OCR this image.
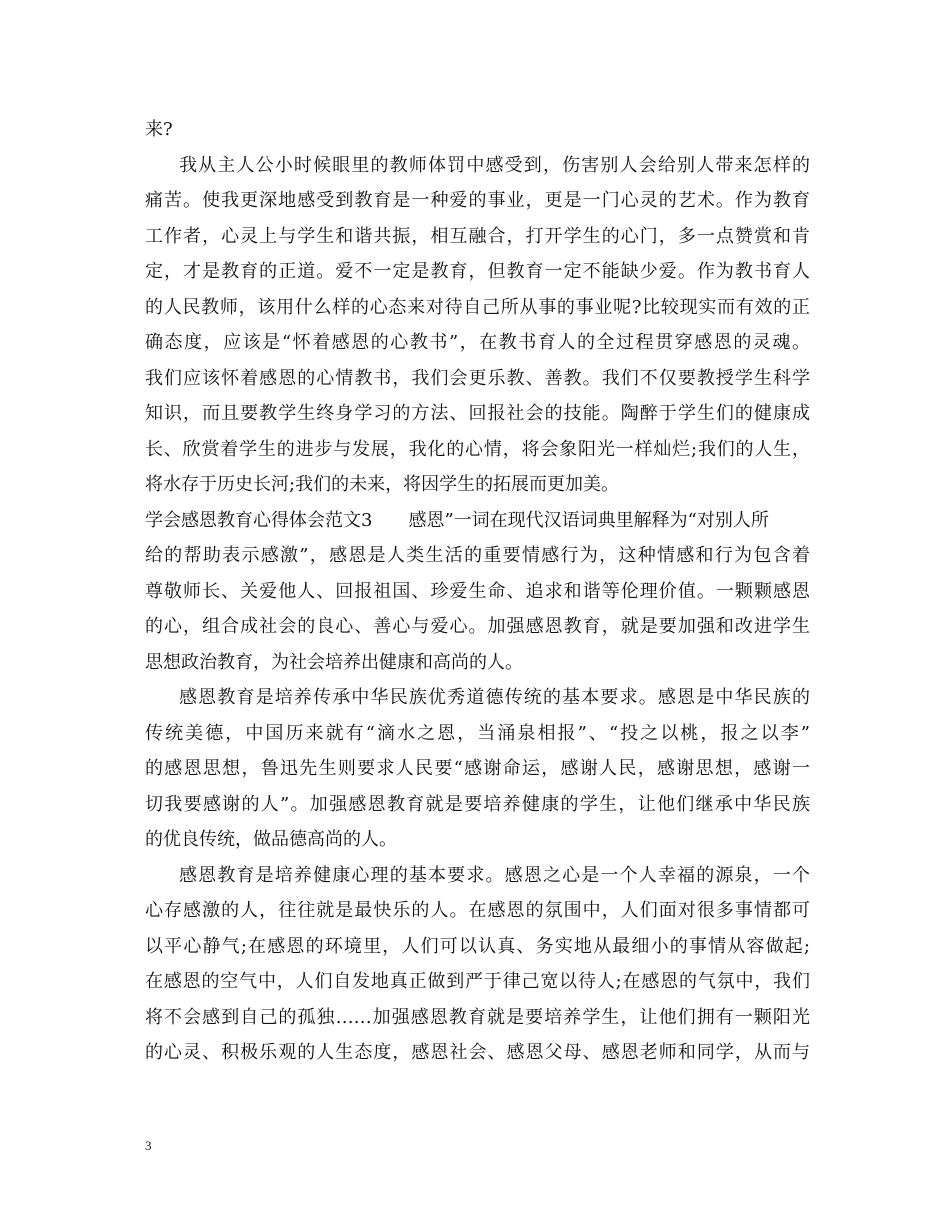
来?
我从主人公小时候眼里的教师体罚中感受到，伤害别人会给别人带来怎样的
痛苦。使我更深地感受到教育是一种爱的事业，更是一门心灵的艺术。作为教育
工作者，心灵上与学生和谐共振，相互融合，打开学生的心门，多一点赞赏和肯
定，才是教育的正道。爱不一定是教育，但教育一定不能缺少爱。作为教书育人
的人民教师，该用什么样的心态来对待自己所从事的事业呢?比较现实而有效的正
确态度，应该是“怀着感恩的心教书”，在教书育人的全过程贯穿感恩的灵魂。
我们应该怀着感恩的心情教书，我们会更乐教、善教。我们不仅要教授学生科学
知识，而且要教学生终身学习的方法、回报社会的技能。陶醉于学生们的健康成
长、欣赏着学生的进步与发展，我化的心情，将会象阳光一样灿烂;我们的人生，
将水存于历史长河;我们的未来，将因学生的拓展而更加美。
学会感恩教育心得体会范文3 感恩”一词在现代汉语词典里解释为“对别人所
给的帮助表示感激”，感恩是人类生活的重要情感行为，这种情感和行为包含着
尊敬师长、关爱他人、回报祖国、珍爱生命、追求和谐等伦理价值。一颗颗感恩
的心，组合成社会的良心、善心与爱心。加强感恩教育，就是要加强和改进学生
思想政治教育，为社会培养出健康和高尚的人。
感恩教育是培养传承中华民族优秀道德传统的基本要求。感恩是中华民族的
传统美德，中国历来就有“滴水之恩，当涌泉相报”、“投之以桃，报之以李”
的感恩思想，鲁迅先生则要求人民要“感谢命运，感谢人民，感谢思想，感谢一
切我要感谢的人”。加强感恩教育就是要培养健康的学生，让他们继承中华民族
的优良传统，做品德高尚的人。
感恩教育是培养健康心理的基本要求。感恩之心是一个人幸福的源泉，一个
心存感激的人，往往就是最快乐的人。在感恩的氛围中，人们面对很多事情都可
以平心静气;在感恩的环境里，人们可以认真、务实地从最细小的事情从容做起;
在感恩的空气中，人们自发地真正做到严于律己宽以待人;在感恩的气氛中，我们
将不会感到自己的孤独……加强感恩教育就是要培养学生，让他们拥有一颗阳光
的心灵、积极乐观的人生态度，感恩社会、感恩父母、感恩老师和同学，从而与
3
